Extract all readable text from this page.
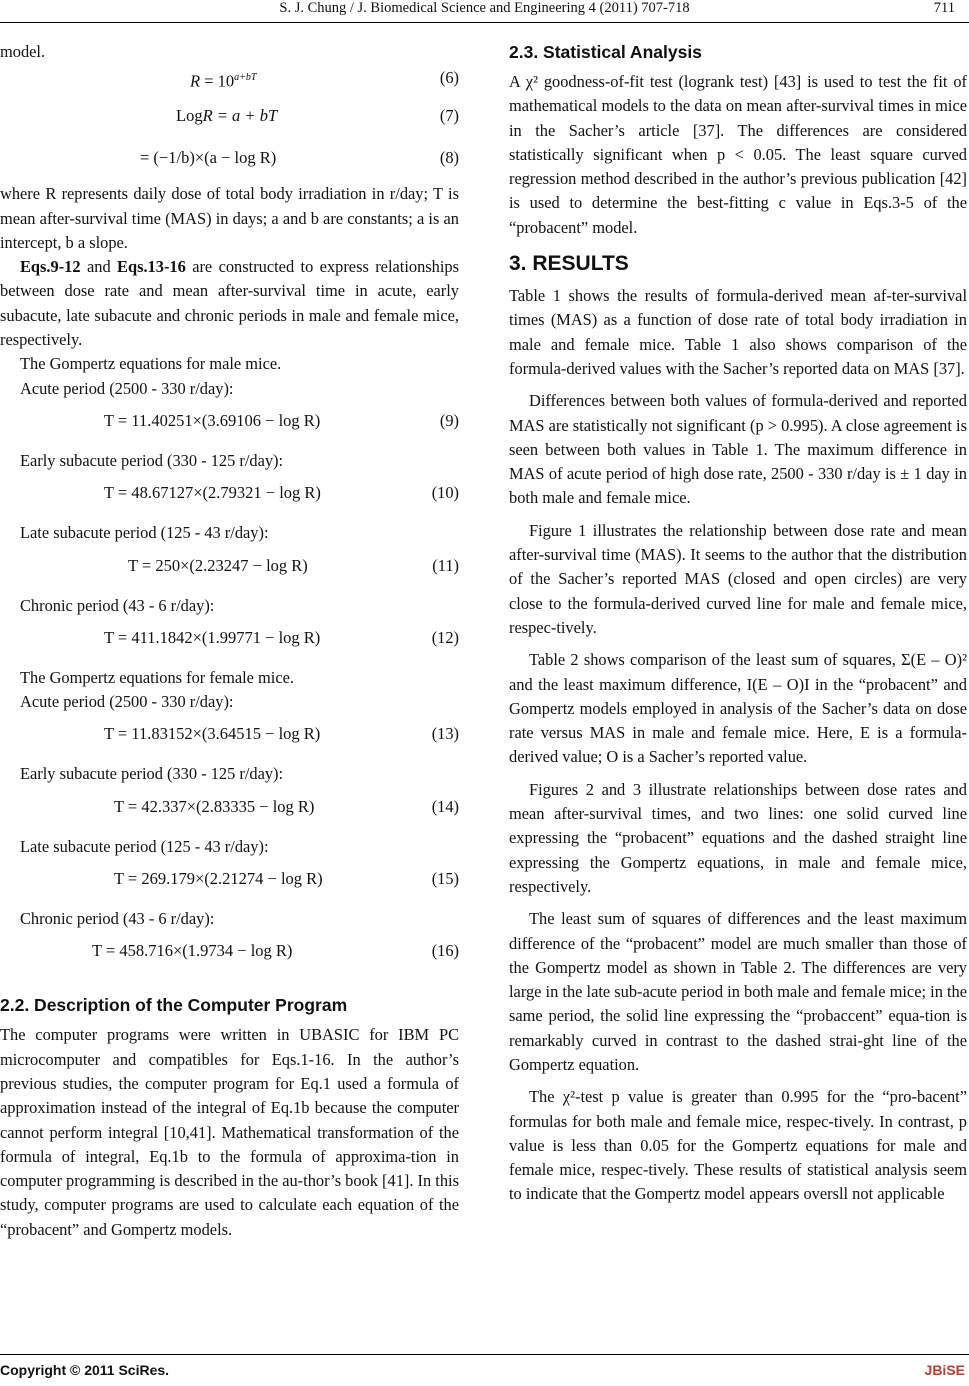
S. J. Chung / J. Biomedical Science and Engineering 4 (2011) 707-718	711

model.

$R = 10^{a+bT}$	(6)
LogR = a + bT	(7)
= (−1/b)×(a − log R)	(8)

where R represents daily dose of total body irradiation in r/day; T is mean after-survival time (MAS) in days; a and b are constants; a is an intercept, b a slope.

Eqs.9-12 and Eqs.13-16 are constructed to express relationships between dose rate and mean after-survival time in acute, early subacute, late subacute and chronic periods in male and female mice, respectively.

The Gompertz equations for male mice.

Acute period (2500 - 330 r/day):

T = 11.40251×(3.69106 − log R)	(9)

Early subacute period (330 - 125 r/day):

T = 48.67127×(2.79321 − log R)	(10)

Late subacute period (125 - 43 r/day):

T = 250×(2.23247 − log R)	(11)

Chronic period (43 - 6 r/day):

T = 411.1842×(1.99771 − log R)	(12)

The Gompertz equations for female mice.

Acute period (2500 - 330 r/day):

T = 11.83152×(3.64515 − log R)	(13)

Early subacute period (330 - 125 r/day):

T = 42.337×(2.83335 − log R)	(14)

Late subacute period (125 - 43 r/day):

T = 269.179×(2.21274 − log R)	(15)

Chronic period (43 - 6 r/day):

T = 458.716×(1.9734 − log R)	(16)
2.2. Description of the Computer Program

The computer programs were written in UBASIC for IBM PC microcomputer and compatibles for Eqs.1-16. In the author’s previous studies, the computer program for Eq.1 used a formula of approximation instead of the integral of Eq.1b because the computer cannot perform integral [10,41]. Mathematical transformation of the formula of integral, Eq.1b to the formula of approxima-tion in computer programming is described in the au-thor’s book [41]. In this study, computer programs are used to calculate each equation of the “probacent” and Gompertz models.

2.3. Statistical Analysis

A χ² goodness-of-fit test (logrank test) [43] is used to test the fit of mathematical models to the data on mean after-survival times in mice in the Sacher’s article [37]. The differences are considered statistically significant when p < 0.05. The least square curved regression method described in the author’s previous publication [42] is used to determine the best-fitting c value in Eqs.3-5 of the “probacent” model.

3. RESULTS

Table 1 shows the results of formula-derived mean af-ter-survival times (MAS) as a function of dose rate of total body irradiation in male and female mice. Table 1 also shows comparison of the formula-derived values with the Sacher’s reported data on MAS [37].

Differences between both values of formula-derived and reported MAS are statistically not significant (p > 0.995). A close agreement is seen between both values in Table 1. The maximum difference in MAS of acute period of high dose rate, 2500 - 330 r/day is ± 1 day in both male and female mice.

Figure 1 illustrates the relationship between dose rate and mean after-survival time (MAS). It seems to the author that the distribution of the Sacher’s reported MAS (closed and open circles) are very close to the formula-derived curved line for male and female mice, respec-tively.

Table 2 shows comparison of the least sum of squares, Σ(E – O)² and the least maximum difference, I(E – O)I in the “probacent” and Gompertz models employed in analysis of the Sacher’s data on dose rate versus MAS in male and female mice. Here, E is a formula-derived value; O is a Sacher’s reported value.

Figures 2 and 3 illustrate relationships between dose rates and mean after-survival times, and two lines: one solid curved line expressing the “probacent” equations and the dashed straight line expressing the Gompertz equations, in male and female mice, respectively.

The least sum of squares of differences and the least maximum difference of the “probacent” model are much smaller than those of the Gompertz model as shown in Table 2. The differences are very large in the late sub-acute period in both male and female mice; in the same period, the solid line expressing the “probaccent” equa-tion is remarkably curved in contrast to the dashed strai-ght line of the Gompertz equation.

The χ²-test p value is greater than 0.995 for the “pro-bacent” formulas for both male and female mice, respec-tively. In contrast, p value is less than 0.05 for the Gompertz equations for male and female mice, respec-tively. These results of statistical analysis seem to indicate that the Gompertz model appears oversll not applicable

Copyright © 2011 SciRes.	JBiSE
